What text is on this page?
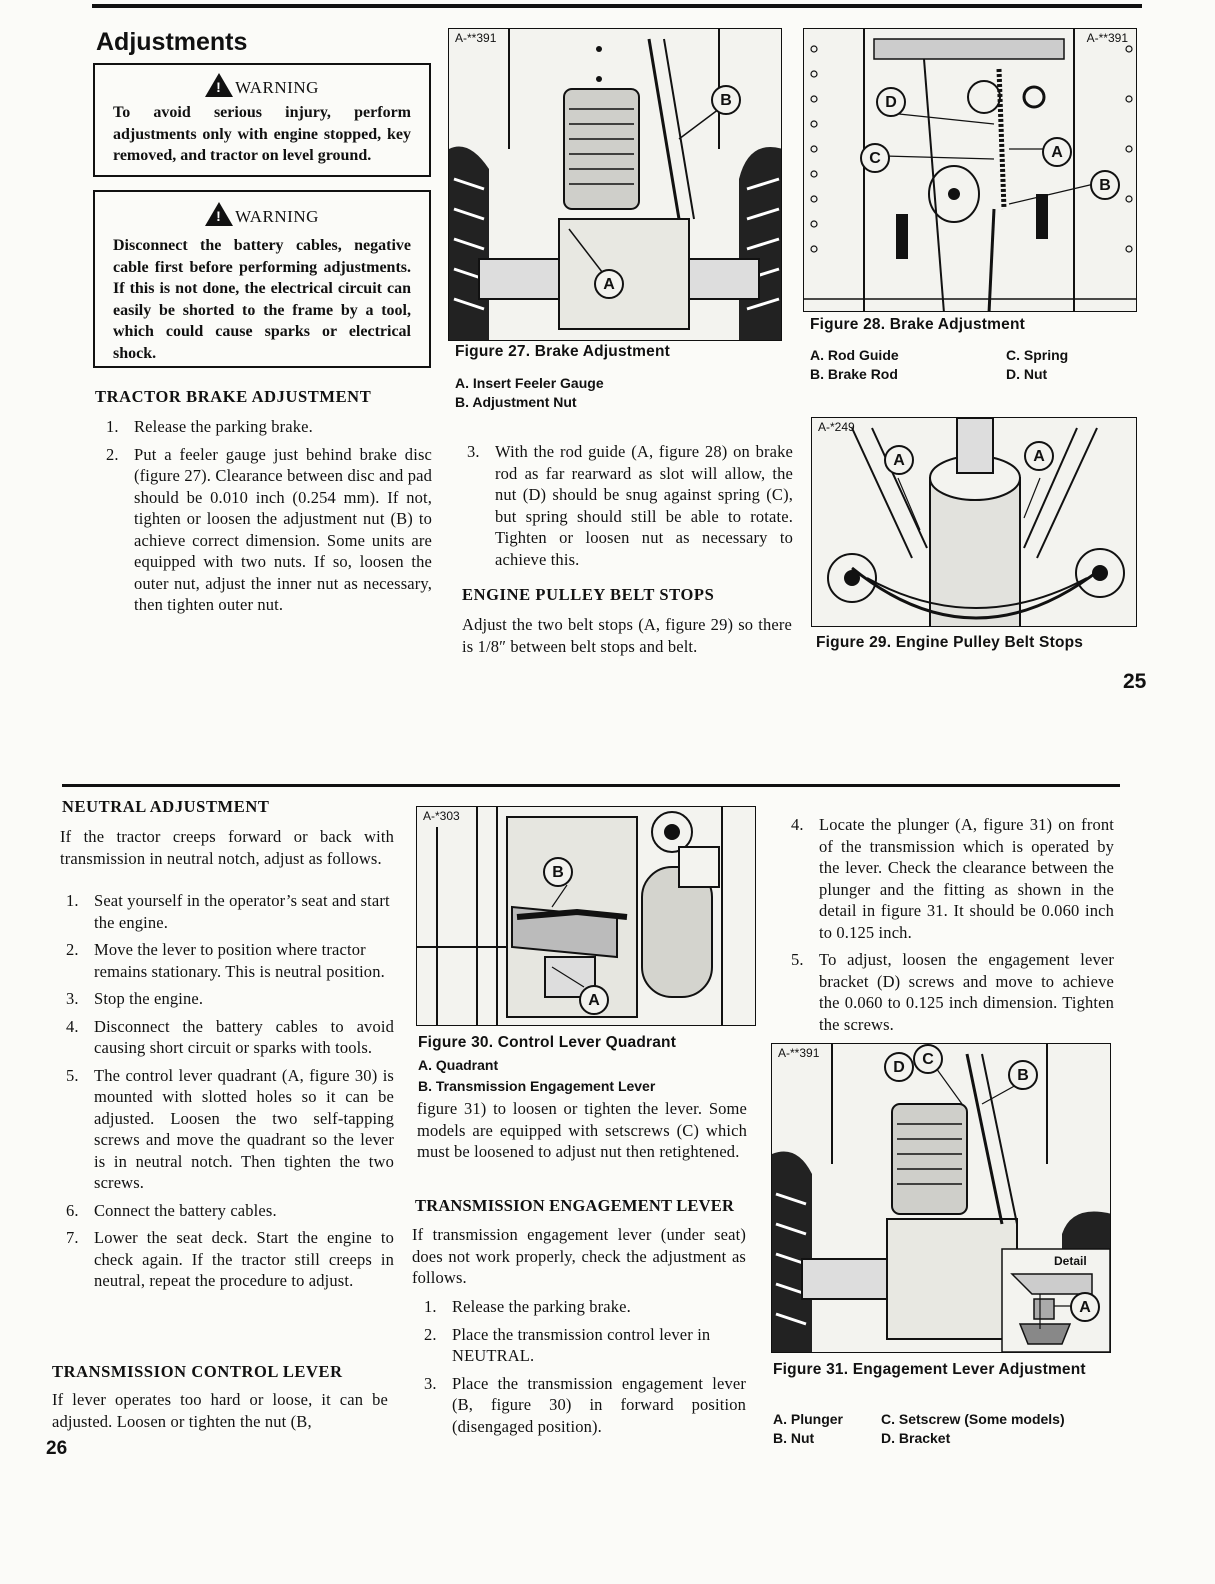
Adjustments
! WARNING

To avoid serious injury, perform adjustments only with engine stopped, key removed, and tractor on level ground.

! WARNING

Disconnect the battery cables, negative cable first before performing adjustments. If this is not done, the electrical circuit can easily be shorted to the frame by a tool, which could cause sparks or electrical shock.

TRACTOR BRAKE ADJUSTMENT
1. Release the parking brake.
2. Put a feeler gauge just behind brake disc (figure 27). Clearance between disc and pad should be 0.010 inch (0.254 mm). If not, tighten or loosen the adjustment nut (B) to achieve correct dimension. Some units are equipped with two nuts. If so, loosen the outer nut, adjust the inner nut as necessary, then tighten outer nut.
A-**391
B
A
Figure 27. Brake Adjustment
A. Insert Feeler Gauge
B. Adjustment Nut
A-**391
D
C	A
B
Figure 28. Brake Adjustment
A. Rod Guide	C. Spring
B. Brake Rod	D. Nut
3. With the rod guide (A, figure 28) on brake rod as far rearward as slot will allow, the nut (D) should be snug against spring (C), but spring should still be able to rotate. Tighten or loosen nut as necessary to achieve this.
ENGINE PULLEY BELT STOPS

Adjust the two belt stops (A, figure 29) so there is 1/8″ between belt stops and belt.

A-*249
A	A
Figure 29. Engine Pulley Belt Stops
25
NEUTRAL ADJUSTMENT

If the tractor creeps forward or back with transmission in neutral notch, adjust as follows.

1. Seat yourself in the operator’s seat and start the engine.
2. Move the lever to position where tractor remains stationary. This is neutral position.
3. Stop the engine.
4. Disconnect the battery cables to avoid causing short circuit or sparks with tools.
5. The control lever quadrant (A, figure 30) is mounted with slotted holes so it can be adjusted. Loosen the two self-tapping screws and move the quadrant so the lever is in neutral notch. Then tighten the two screws.
6. Connect the battery cables.
7. Lower the seat deck. Start the engine to check again. If the tractor still creeps in neutral, repeat the procedure to adjust.
TRANSMISSION CONTROL LEVER

If lever operates too hard or loose, it can be adjusted. Loosen or tighten the nut (B,

26
A-*303
B
A
Figure 30. Control Lever Quadrant
A. Quadrant
B. Transmission Engagement Lever

figure 31) to loosen or tighten the lever. Some models are equipped with setscrews (C) which must be loosened to adjust nut then retightened.

TRANSMISSION ENGAGEMENT LEVER

If transmission engagement lever (under seat) does not work properly, check the adjustment as follows.

1. Release the parking brake.
2. Place the transmission control lever in NEUTRAL.
3. Place the transmission engagement lever (B, figure 30) in forward position (disengaged position).
4. Locate the plunger (A, figure 31) on front of the transmission which is operated by the lever. Check the clearance between the plunger and the fitting as shown in the detail in figure 31. It should be 0.060 inch to 0.125 inch.
5. To adjust, loosen the engagement lever bracket (D) screws and move to achieve the 0.060 to 0.125 inch dimension. Tighten the screws.
A-**391
D	C
B
A
Detail
Figure 31. Engagement Lever Adjustment
A. Plunger	C. Setscrew (Some models)
B. Nut	D. Bracket
